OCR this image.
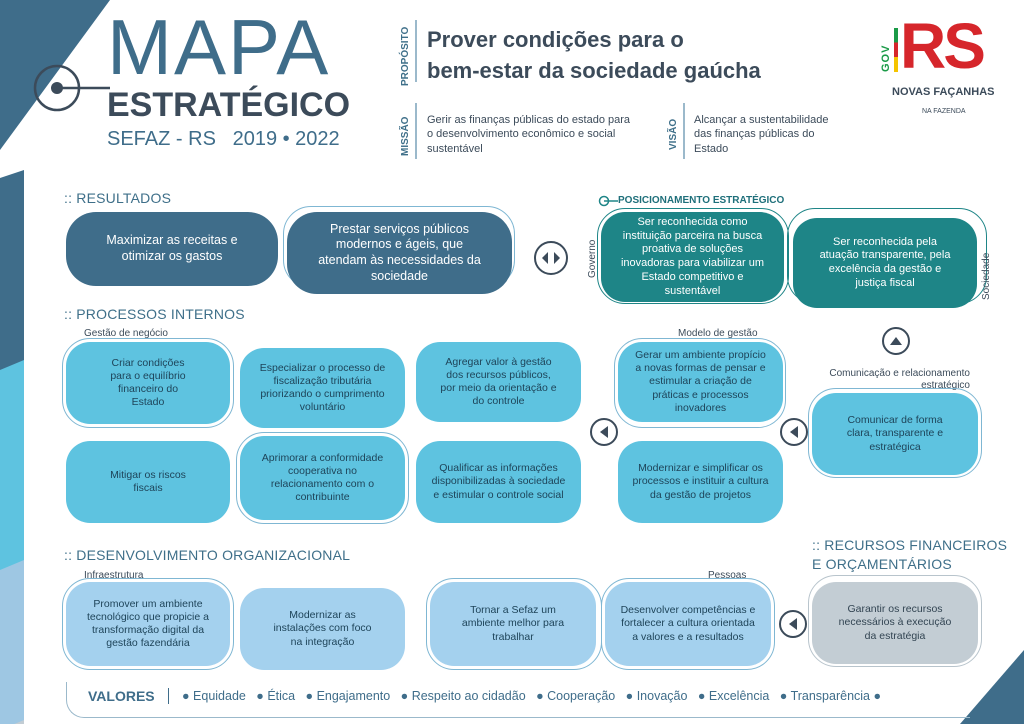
MAPA
ESTRATÉGICO
SEFAZ - RS   2019 • 2022
PROPÓSITO Prover condições para o
bem-estar da sociedade gaúcha
MISSÃO Gerir as finanças públicas do estado para o desenvolvimento econômico e social sustentável	VISÃO Alcançar a sustentabilidade das finanças públicas do Estado
GOV RS
NOVAS FAÇANHAS
NA FAZENDA
:: RESULTADOS
Maximizar as receitas e otimizar os gastos
Prestar serviços públicos modernos e ágeis, que atendam às necessidades da sociedade
POSICIONAMENTO ESTRATÉGICO
Governo
Ser reconhecida como instituição parceira na busca proativa de soluções inovadoras para viabilizar um Estado competitivo e sustentável
Ser reconhecida pela atuação transparente, pela excelência da gestão e justiça fiscal	Sociedade
:: PROCESSOS INTERNOS
Gestão de negócio	Modelo de gestão
Comunicação e relacionamento estratégico
Criar condições para o equilíbrio financeiro do Estado
Especializar o processo de fiscalização tributária priorizando o cumprimento voluntário
Agregar valor à gestão dos recursos públicos, por meio da orientação e do controle
Gerar um ambiente propício a novas formas de pensar e estimular a criação de práticas e processos inovadores
Mitigar os riscos fiscais
Aprimorar a conformidade cooperativa no relacionamento com o contribuinte
Qualificar as informações disponibilizadas à sociedade e estimular o controle social
Modernizar e simplificar os processos e instituir a cultura da gestão de projetos
Comunicar de forma clara, transparente e estratégica
:: DESENVOLVIMENTO ORGANIZACIONAL
Infraestrutura	Pessoas
Promover um ambiente tecnológico que propicie a transformação digital da gestão fazendária
Modernizar as instalações com foco na integração
Tornar a Sefaz um ambiente melhor para trabalhar
Desenvolver competências e fortalecer a cultura orientada a valores e a resultados
:: RECURSOS FINANCEIROS
E ORÇAMENTÁRIOS
Garantir os recursos necessários à execução da estratégia
VALORES ● Equidade ● Ética ● Engajamento ● Respeito ao cidadão ● Cooperação ● Inovação ● Excelência ● Transparência ●
